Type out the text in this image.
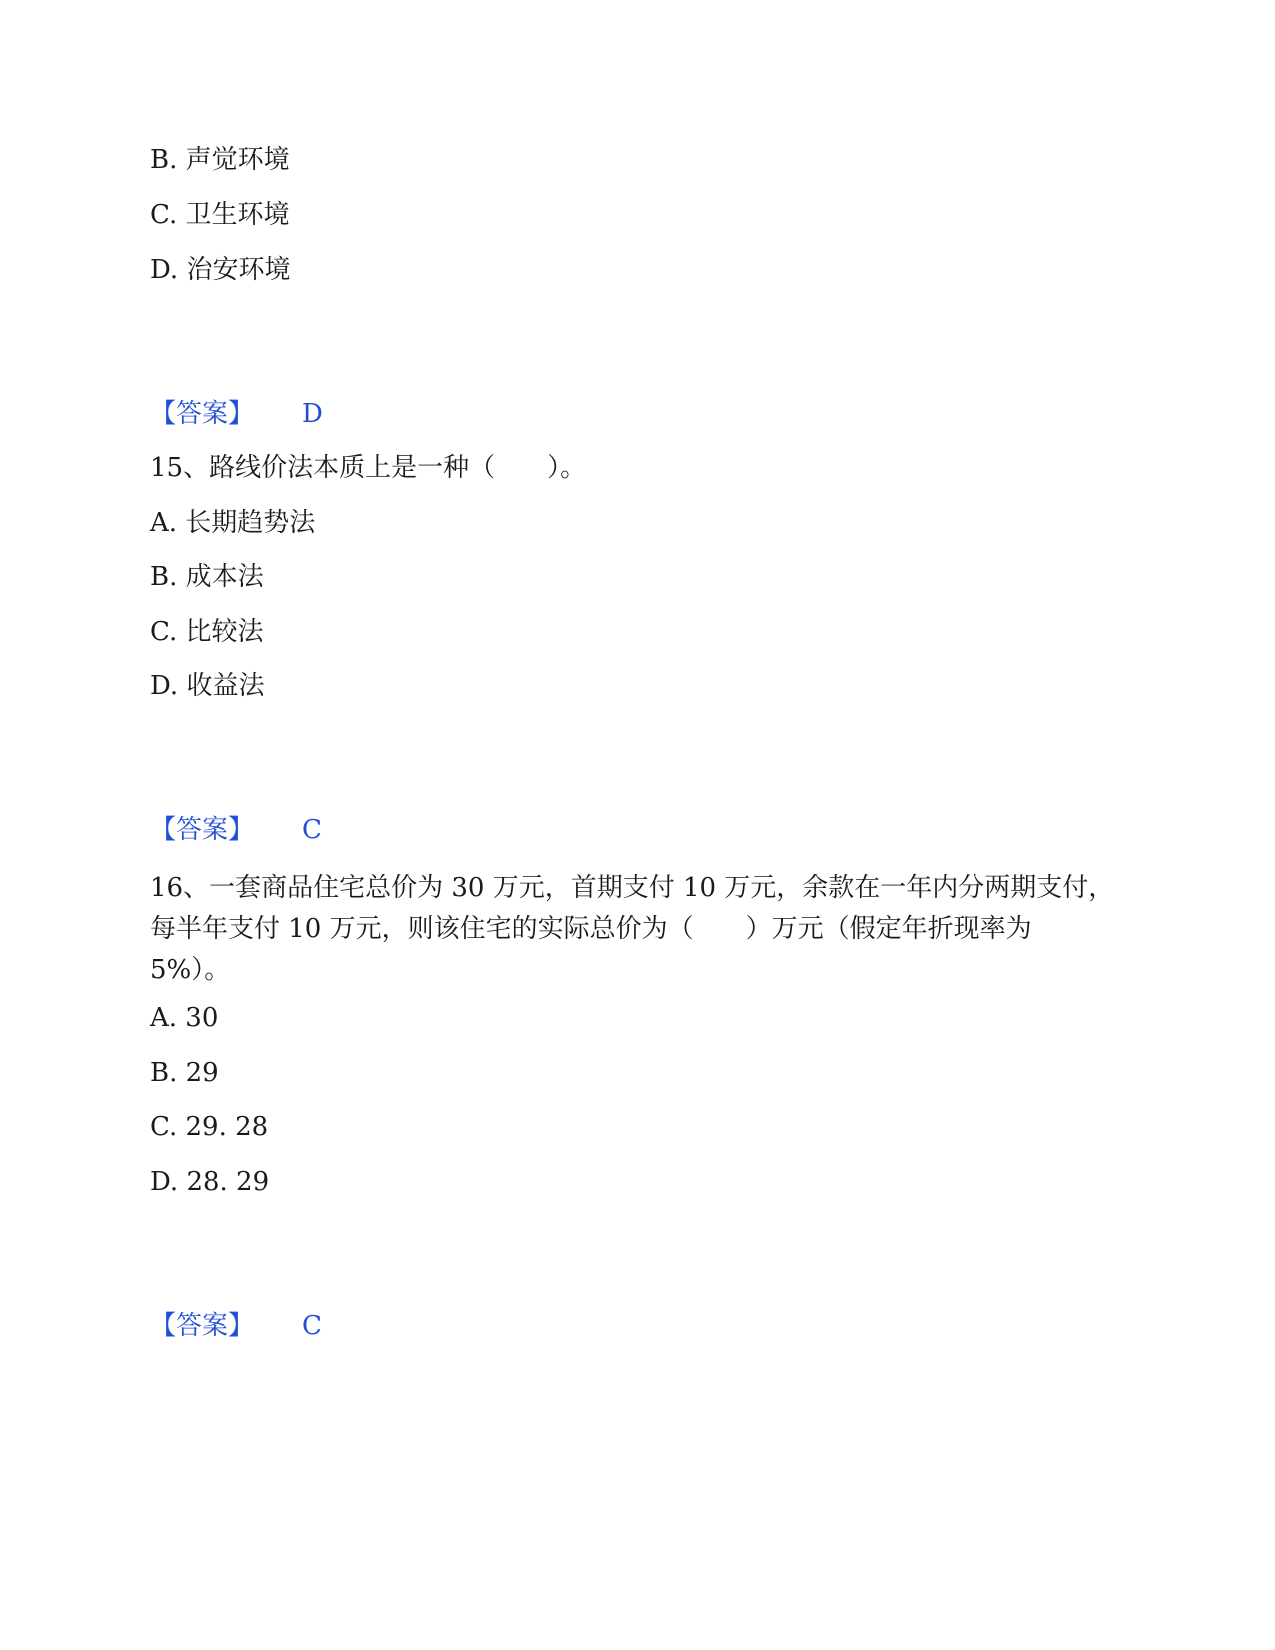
B. 声觉环境
C. 卫生环境
D. 治安环境
【答案】 D
15、路线价法本质上是一种（　　）。
A. 长期趋势法
B. 成本法
C. 比较法
D. 收益法
【答案】 C
16、一套商品住宅总价为 30 万元，首期支付 10 万元，余款在一年内分两期支付，每半年支付 10 万元，则该住宅的实际总价为（　　）万元（假定年折现率为 5%）。
A. 30
B. 29
C. 29. 28
D. 28. 29
【答案】 C
